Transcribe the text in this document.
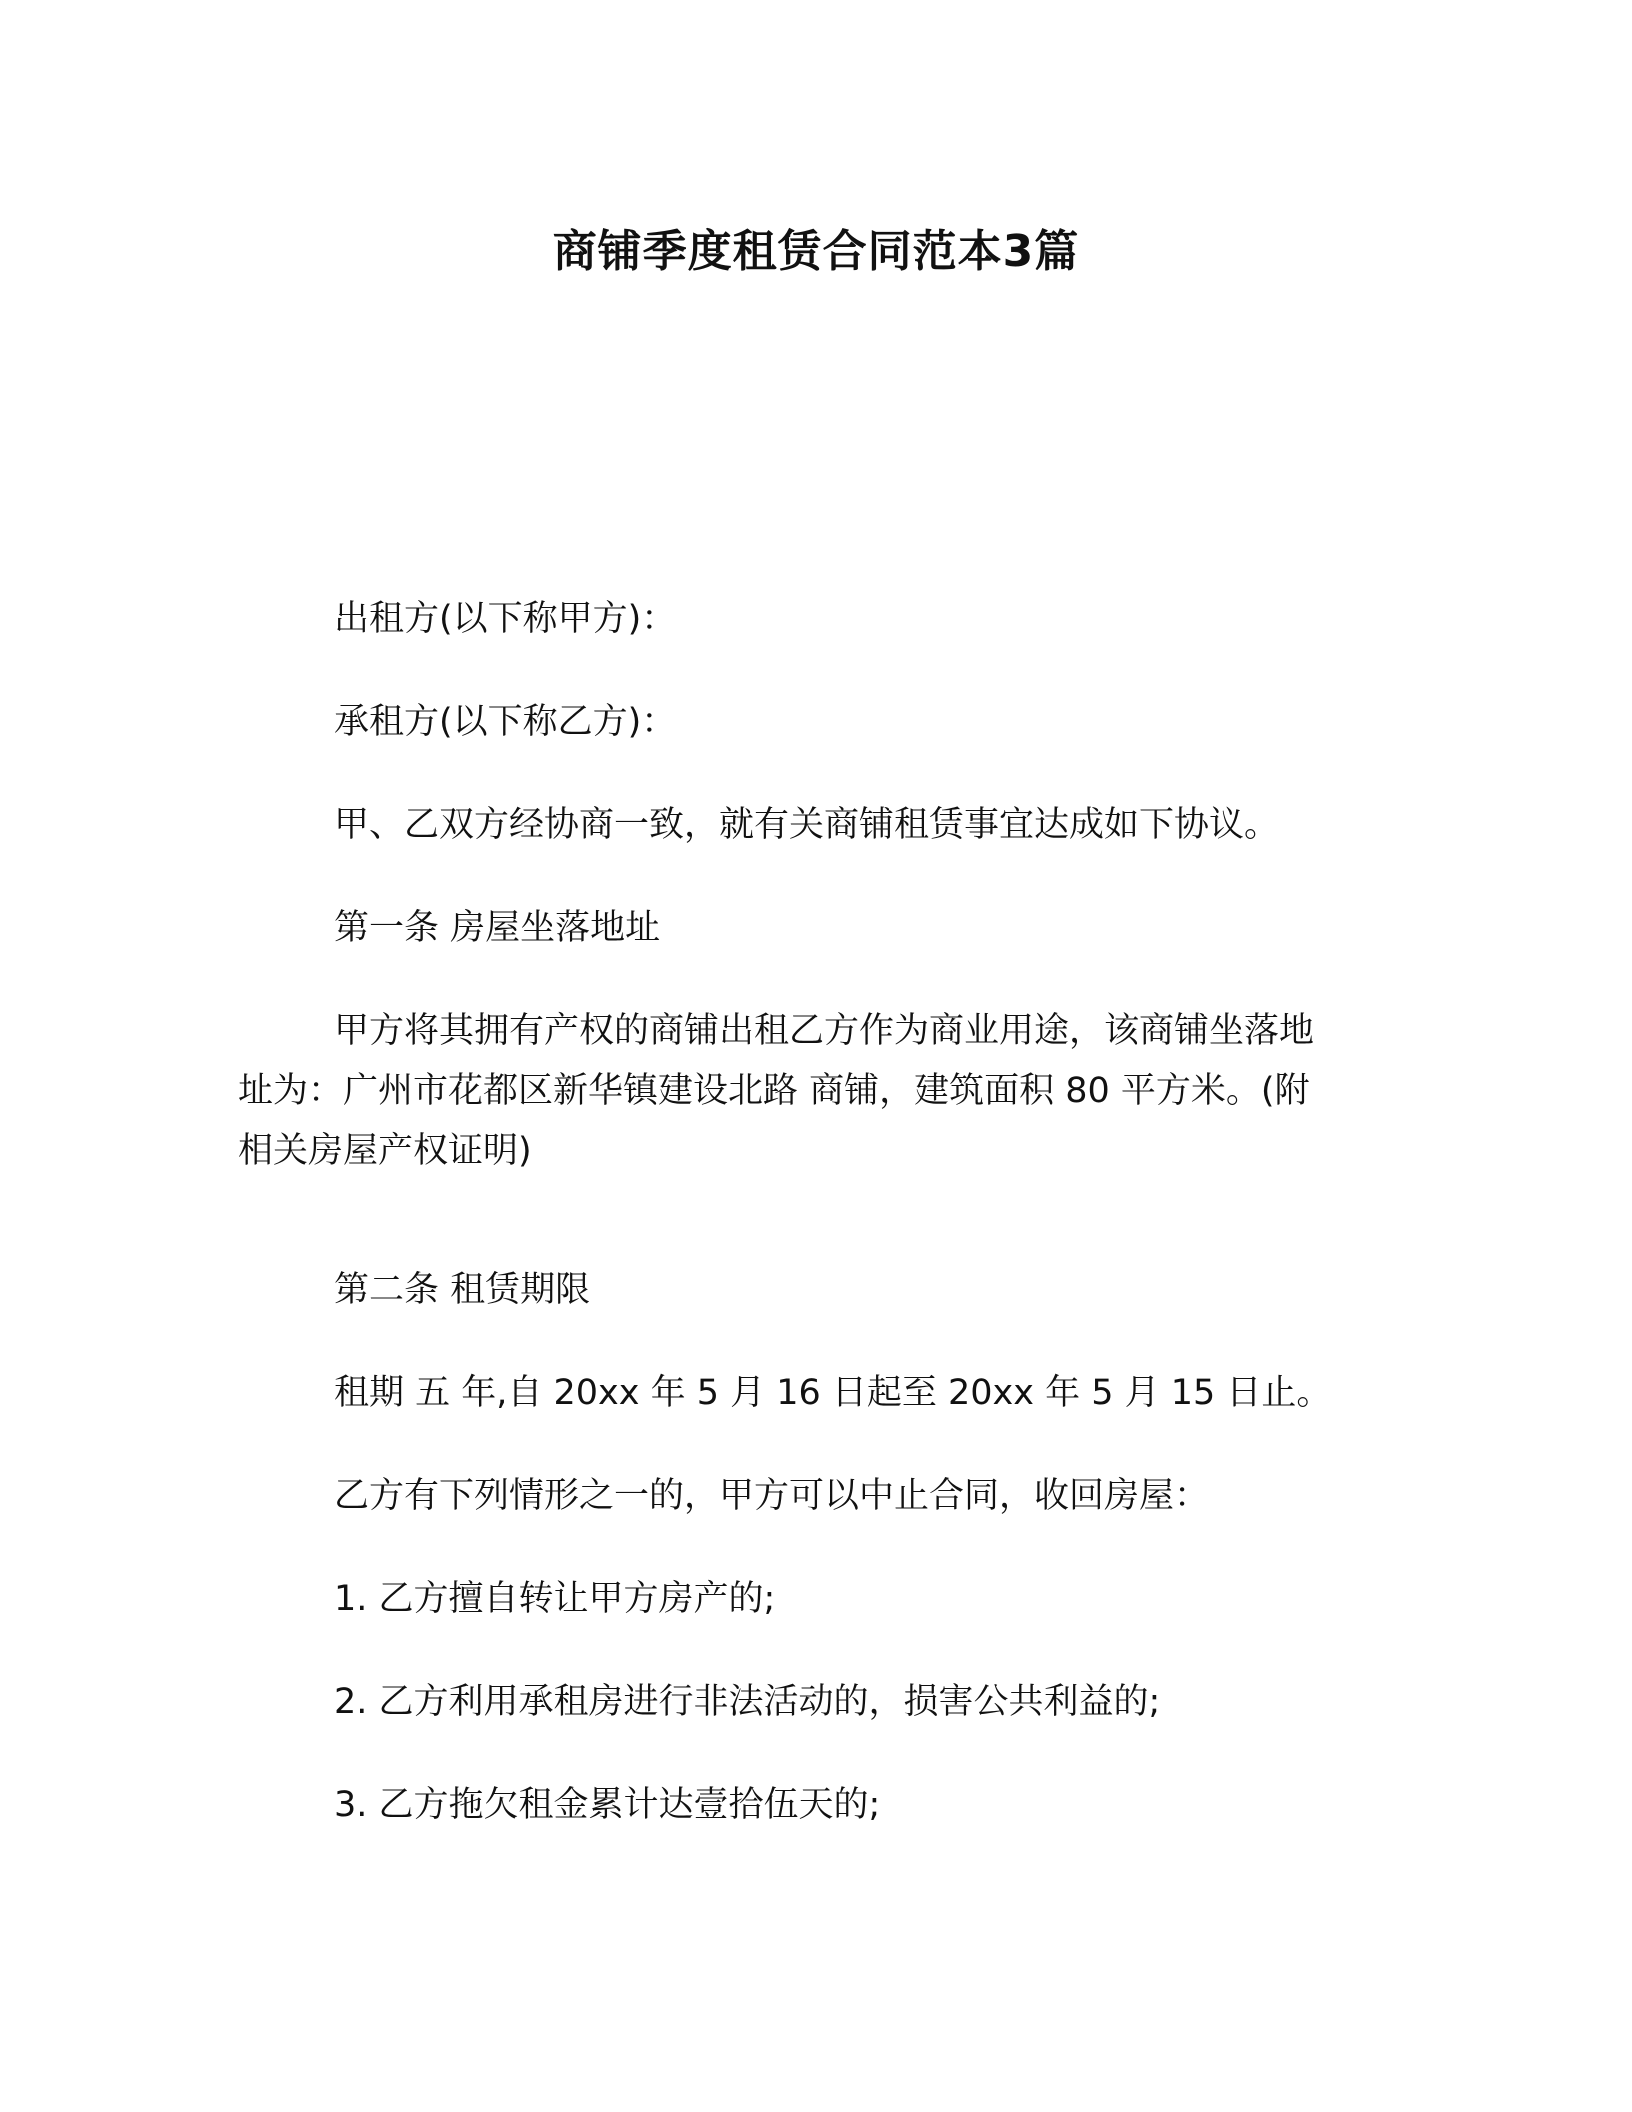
商铺季度租赁合同范本3篇
出租方(以下称甲方)：
承租方(以下称乙方)：
甲、乙双方经协商一致，就有关商铺租赁事宜达成如下协议。
第一条 房屋坐落地址
甲方将其拥有产权的商铺出租乙方作为商业用途，该商铺坐落地
址为：广州市花都区新华镇建设北路 商铺，建筑面积 80 平方米。(附
相关房屋产权证明)
第二条 租赁期限
租期 五 年,自 20xx 年 5 月 16 日起至 20xx 年 5 月 15 日止。
乙方有下列情形之一的，甲方可以中止合同，收回房屋：
1. 乙方擅自转让甲方房产的;
2. 乙方利用承租房进行非法活动的，损害公共利益的;
3. 乙方拖欠租金累计达壹拾伍天的;
